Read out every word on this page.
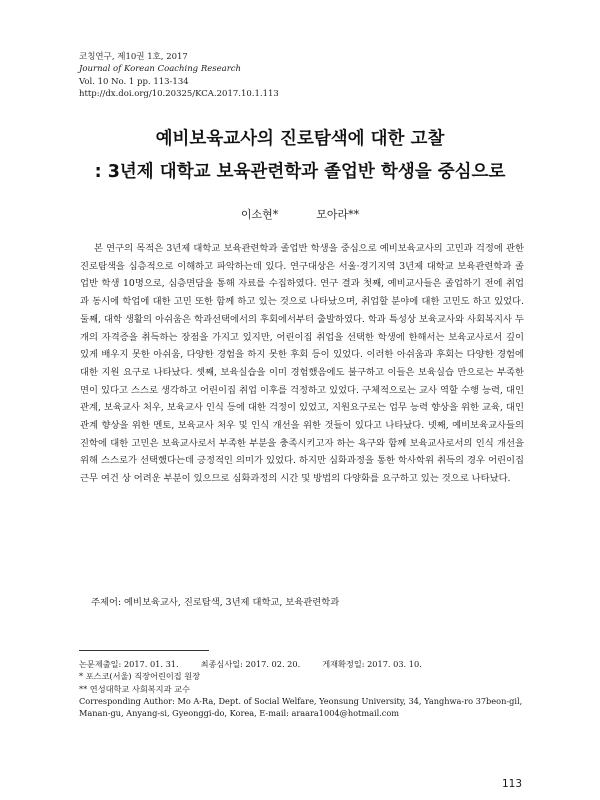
코칭연구, 제10권 1호, 2017
Journal of Korean Coaching Research
Vol. 10 No. 1 pp. 113-134
http://dx.doi.org/10.20325/KCA.2017.10.1.113
예비보육교사의 진로탐색에 대한 고찰
: 3년제 대학교 보육관련학과 졸업반 학생을 중심으로
이소현*	모아라**

본 연구의 목적은 3년제 대학교 보육관련학과 졸업반 학생을 중심으로 예비보육교사의 고민과 걱정에 관한 진로탐색을 심층적으로 이해하고 파악하는데 있다. 연구대상은 서울·경기지역 3년제 대학교 보육관련학과 졸업반 학생 10명으로, 심층면담을 통해 자료를 수집하였다. 연구 결과 첫째, 예비교사들은 졸업하기 전에 취업과 동시에 학업에 대한 고민 또한 함께 하고 있는 것으로 나타났으며, 취업할 분야에 대한 고민도 하고 있었다. 둘째, 대학 생활의 아쉬움은 학과선택에서의 후회에서부터 출발하였다. 학과 특성상 보육교사와 사회복지사 두 개의 자격증을 취득하는 장점을 가지고 있지만, 어린이집 취업을 선택한 학생에 한해서는 보육교사로서 깊이 있게 배우지 못한 아쉬움, 다양한 경험을 하지 못한 후회 등이 있었다. 이러한 아쉬움과 후회는 다양한 경험에 대한 지원 요구로 나타났다. 셋째, 보육실습을 이미 경험했음에도 불구하고 이들은 보육실습 만으로는 부족한 면이 있다고 스스로 생각하고 어린이집 취업 이후를 걱정하고 있었다. 구체적으로는 교사 역할 수행 능력, 대인관계, 보육교사 처우, 보육교사 인식 등에 대한 걱정이 있었고, 지원요구로는 업무 능력 향상을 위한 교육, 대인관계 향상을 위한 멘토, 보육교사 처우 및 인식 개선을 위한 것들이 있다고 나타났다. 넷째, 예비보육교사들의 진학에 대한 고민은 보육교사로서 부족한 부분을 충족시키고자 하는 욕구와 함께 보육교사로서의 인식 개선을 위해 스스로가 선택했다는데 긍정적인 의미가 있었다. 하지만 심화과정을 통한 학사학위 취득의 경우 어린이집 근무 여건 상 어려운 부분이 있으므로 심화과정의 시간 및 방법의 다양화를 요구하고 있는 것으로 나타났다.

주제어: 예비보육교사, 진로탐색, 3년제 대학교, 보육관련학과
논문제출일: 2017. 01. 31.	최종심사일: 2017. 02. 20.	게재확정일: 2017. 03. 10.
* 포스코(서울) 직장어린이집 원장
** 연성대학교 사회복지과 교수
Corresponding Author: Mo A-Ra, Dept. of Social Welfare, Yeonsung University, 34, Yanghwa-ro 37beon-gil, Manan-gu, Anyang-si, Gyeonggi-do, Korea, E-mail: araara1004@hotmail.com
113
